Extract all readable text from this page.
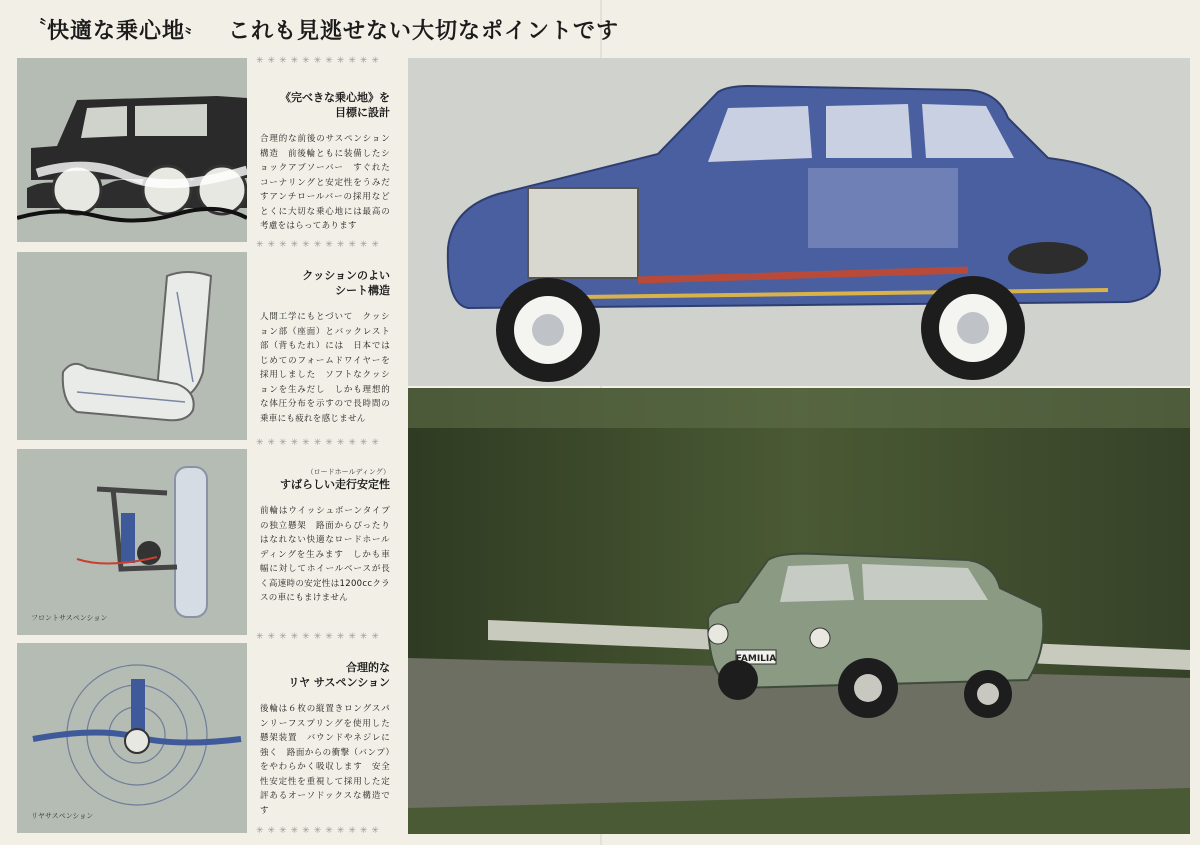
〝快適な乗心地〟 これも見逃せない大切なポイントです
フロントサスペンション
リヤサスペンション
✳✳✳✳✳✳✳✳✳✳✳
✳✳✳✳✳✳✳✳✳✳✳
✳✳✳✳✳✳✳✳✳✳✳
✳✳✳✳✳✳✳✳✳✳✳
✳✳✳✳✳✳✳✳✳✳✳
《完べきな乗心地》を
目標に設計
合理的な前後のサスペンション構造　前後輪ともに装備したショックアブソーバー　すぐれたコーナリングと安定性をうみだすアンチロールバーの採用など　とくに大切な乗心地には最高の考慮をはらってあります
クッションのよい
シート構造
人間工学にもとづいて　クッション部（座面）とバックレスト部（背もたれ）には　日本ではじめてのフォームドワイヤーを採用しました　ソフトなクッションを生みだし　しかも理想的な体圧分布を示すので長時間の乗車にも疲れを感じません
（ロードホールディング）
すばらしい走行安定性
前輪はウイッシュボーンタイプの独立懸架　路面からぴったりはなれない快適なロードホールディングを生みます　しかも車幅に対してホイールベースが長く高速時の安定性は1200ccクラスの車にもまけません
合理的な
リヤ サスペンション
後輪は６枚の縦置きロングスパンリーフスプリングを使用した懸架装置　バウンドやネジレに強く　路面からの衝撃（バンプ）をやわらかく吸収します　安全性安定性を重視して採用した定評あるオーソドックスな構造です
FAMILIA
